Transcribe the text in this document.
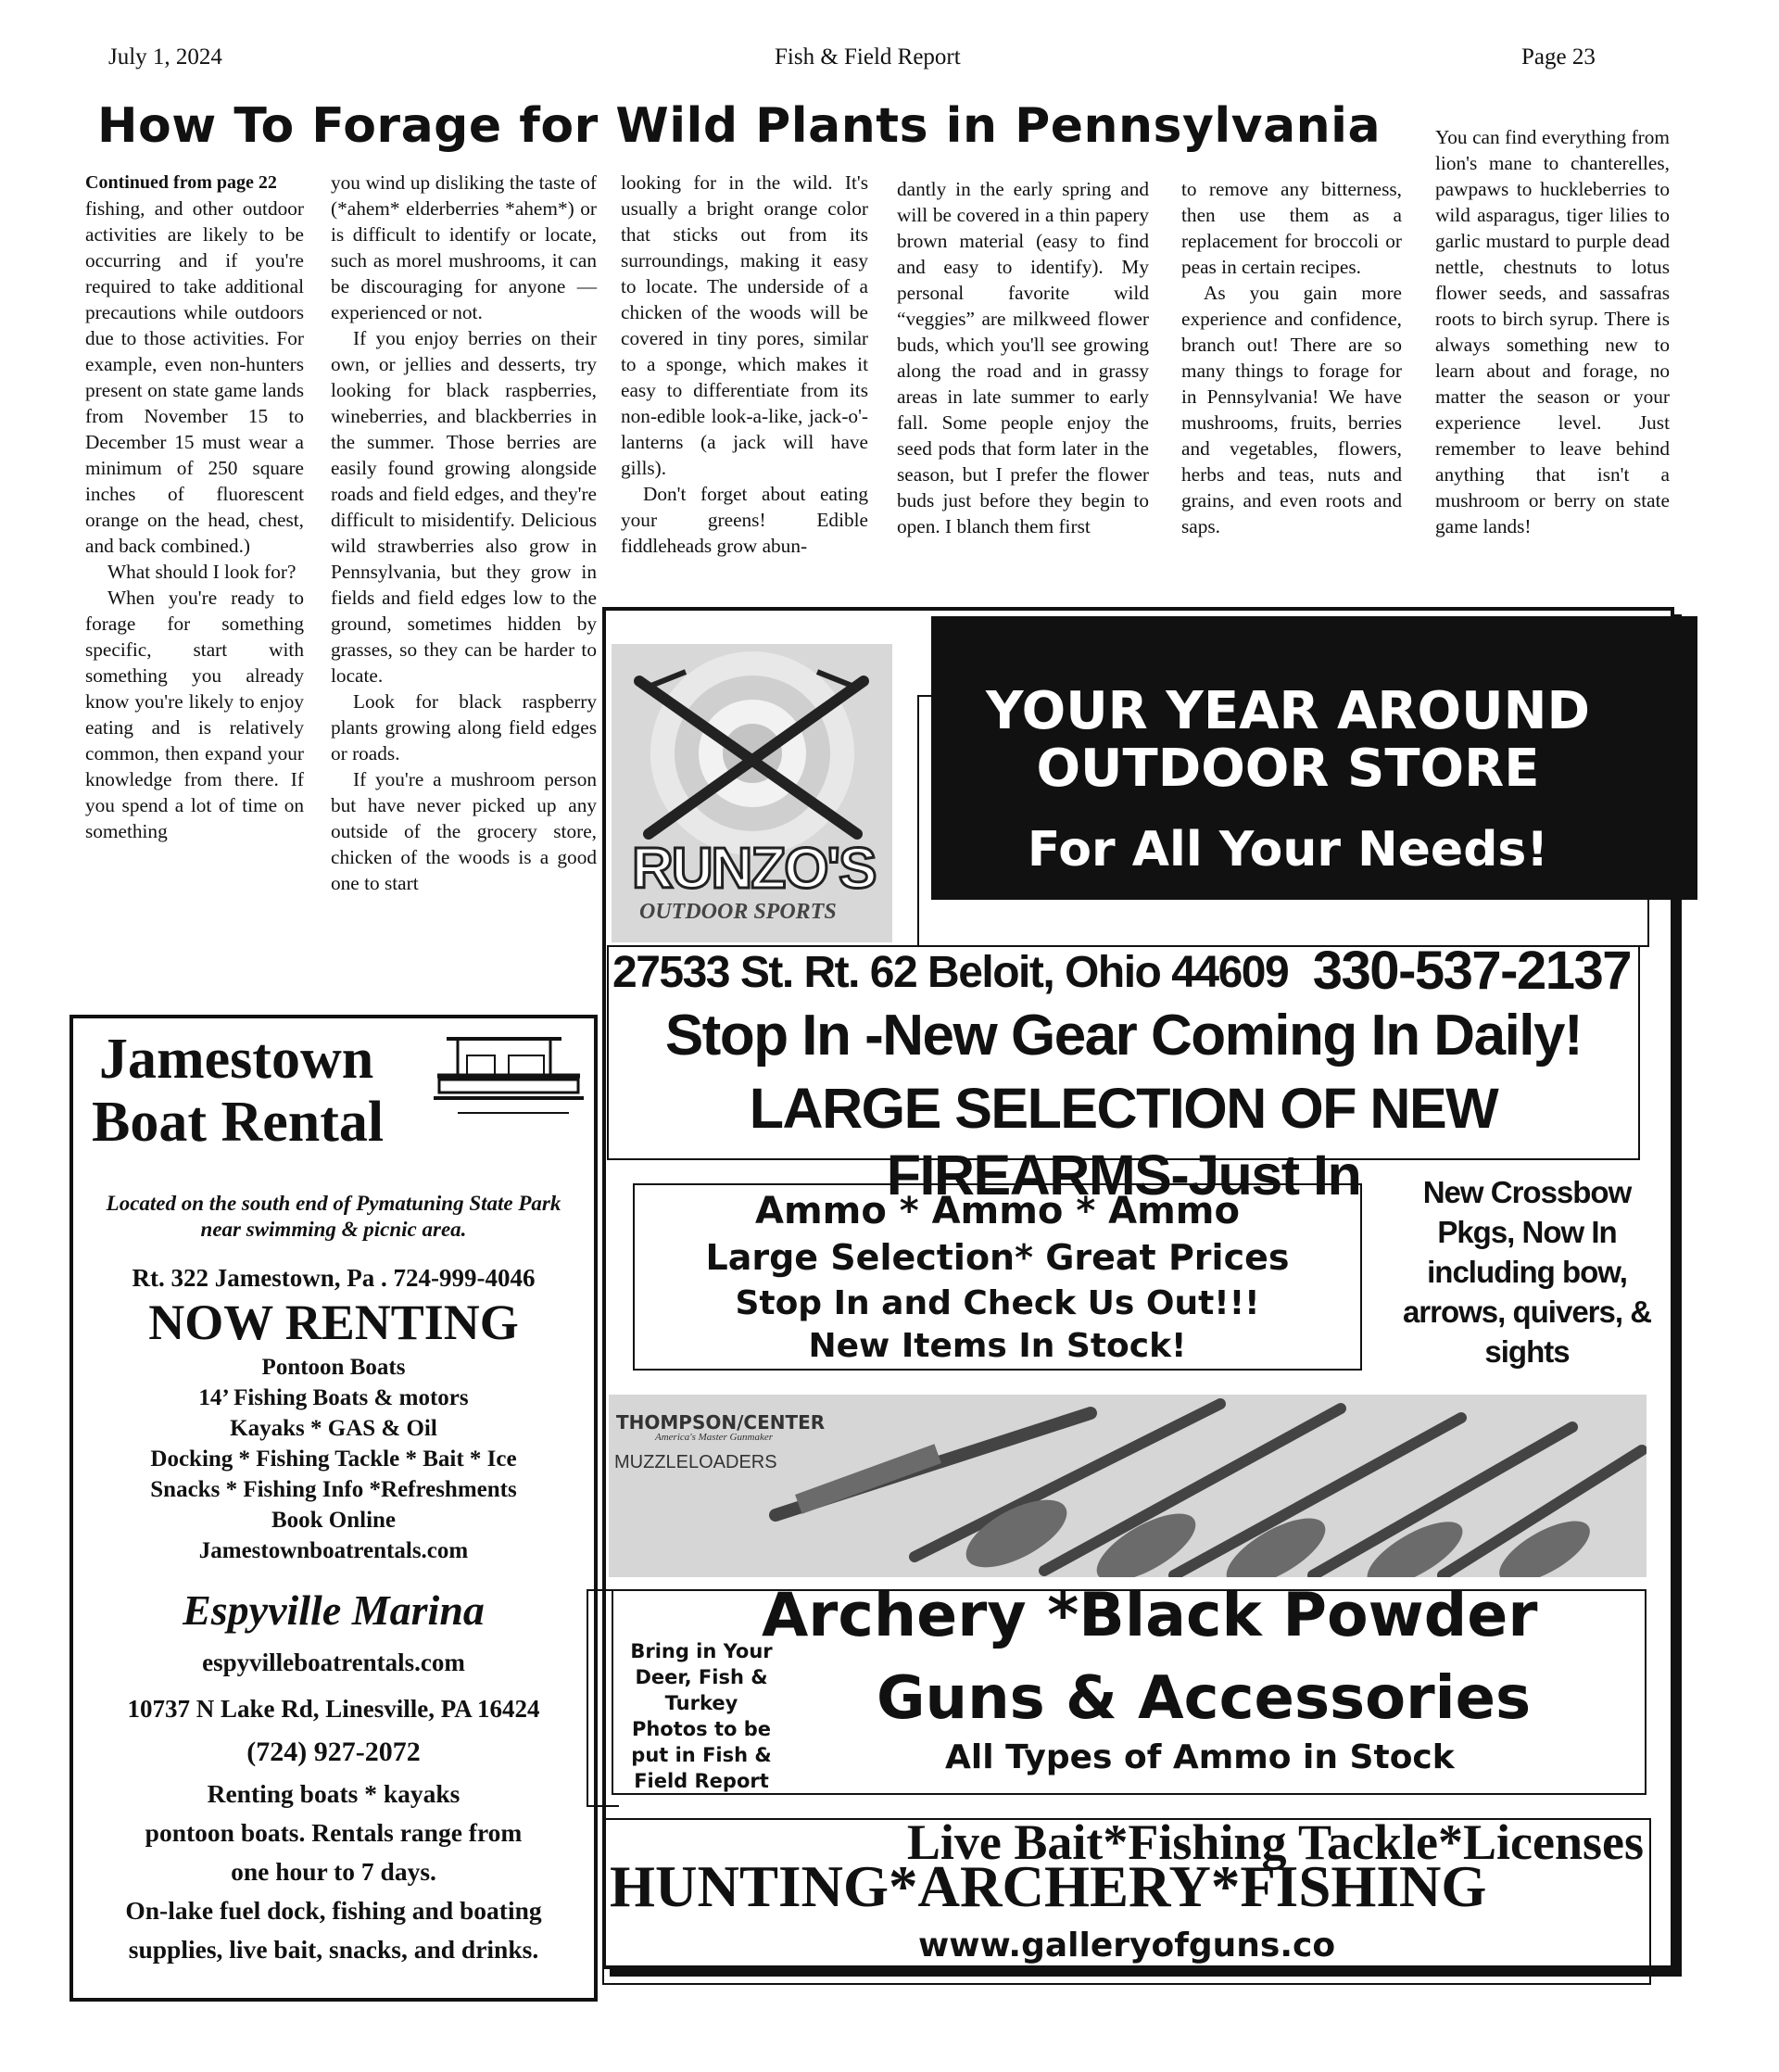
July 1, 2024	Fish & Field Report	Page 23
How To Forage for Wild Plants in Pennsylvania
Continued from page 22

fishing, and other outdoor activities are likely to be occurring and if you're required to take additional precautions while outdoors due to those activities. For example, even non-hunters present on state game lands from November 15 to December 15 must wear a minimum of 250 square inches of fluorescent orange on the head, chest, and back combined.)

What should I look for?

When you're ready to forage for something specific, start with something you already know you're likely to enjoy eating and is relatively common, then expand your knowledge from there. If you spend a lot of time on something

you wind up disliking the taste of (*ahem* elderberries *ahem*) or is difficult to identify or locate, such as morel mushrooms, it can be discouraging for anyone — experienced or not.

If you enjoy berries on their own, or jellies and desserts, try looking for black raspberries, wineberries, and blackberries in the summer. Those berries are easily found growing alongside roads and field edges, and they're difficult to misidentify. Delicious wild strawberries also grow in Pennsylvania, but they grow in fields and field edges low to the ground, sometimes hidden by grasses, so they can be harder to locate.

Look for black raspberry plants growing along field edges or roads.

If you're a mushroom person but have never picked up any outside of the grocery store, chicken of the woods is a good one to start

looking for in the wild. It's usually a bright orange color that sticks out from its surroundings, making it easy to locate. The underside of a chicken of the woods will be covered in tiny pores, similar to a sponge, which makes it easy to differentiate from its non-edible look-a-like, jack-o'-lanterns (a jack will have gills).

Don't forget about eating your greens! Edible fiddleheads grow abun-

dantly in the early spring and will be covered in a thin papery brown material (easy to find and easy to identify). My personal favorite wild “veggies” are milkweed flower buds, which you'll see growing along the road and in grassy areas in late summer to early fall. Some people enjoy the seed pods that form later in the season, but I prefer the flower buds just before they begin to open. I blanch them first

to remove any bitterness, then use them as a replacement for broccoli or peas in certain recipes.

As you gain more experience and confidence, branch out! There are so many things to forage for in Pennsylvania! We have mushrooms, fruits, berries and vegetables, flowers, herbs and teas, nuts and grains, and even roots and saps.

You can find everything from lion's mane to chanterelles, pawpaws to huckleberries to wild asparagus, tiger lilies to garlic mustard to purple dead nettle, chestnuts to lotus flower seeds, and sassafras roots to birch syrup. There is always something new to learn about and forage, no matter the season or your experience level. Just remember to leave behind anything that isn't a mushroom or berry on state game lands!

Jamestown
Boat Rental
Located on the south end of Pymatuning State Park near swimming & picnic area.
Rt. 322 Jamestown, Pa . 724-999-4046
NOW RENTING
Pontoon Boats
14’ Fishing Boats & motors
Kayaks * GAS & Oil
Docking * Fishing Tackle * Bait * Ice
Snacks * Fishing Info *Refreshments
Book Online
Jamestownboatrentals.com
Espyville Marina
espyvilleboatrentals.com
10737 N Lake Rd, Linesville, PA 16424
(724) 927-2072
Renting boats * kayaks
pontoon boats. Rentals range from
one hour to 7 days.
On-lake fuel dock, fishing and boating
supplies, live bait, snacks, and drinks.
RUNZO'S
OUTDOOR SPORTS
YOUR YEAR AROUND
OUTDOOR STORE
For All Your Needs!
27533 St. Rt. 62 Beloit, Ohio 44609 330-537-2137
Stop In -New Gear Coming In Daily!
LARGE SELECTION OF NEW FIREARMS-Just In
Ammo * Ammo * Ammo
Large Selection* Great Prices
Stop In and Check Us Out!!!
New Items In Stock!
New Crossbow
Pkgs, Now In
including bow,
arrows, quivers, &
sights
THOMPSON/CENTER
America's Master Gunmaker
MUZZLELOADERS
Bring in Your
Deer, Fish &
Turkey
Photos to be
put in Fish &
Field Report
Archery *Black Powder
Guns & Accessories
All Types of Ammo in Stock
Live Bait*Fishing Tackle*Licenses
HUNTING*ARCHERY*FISHING
www.galleryofguns.co
